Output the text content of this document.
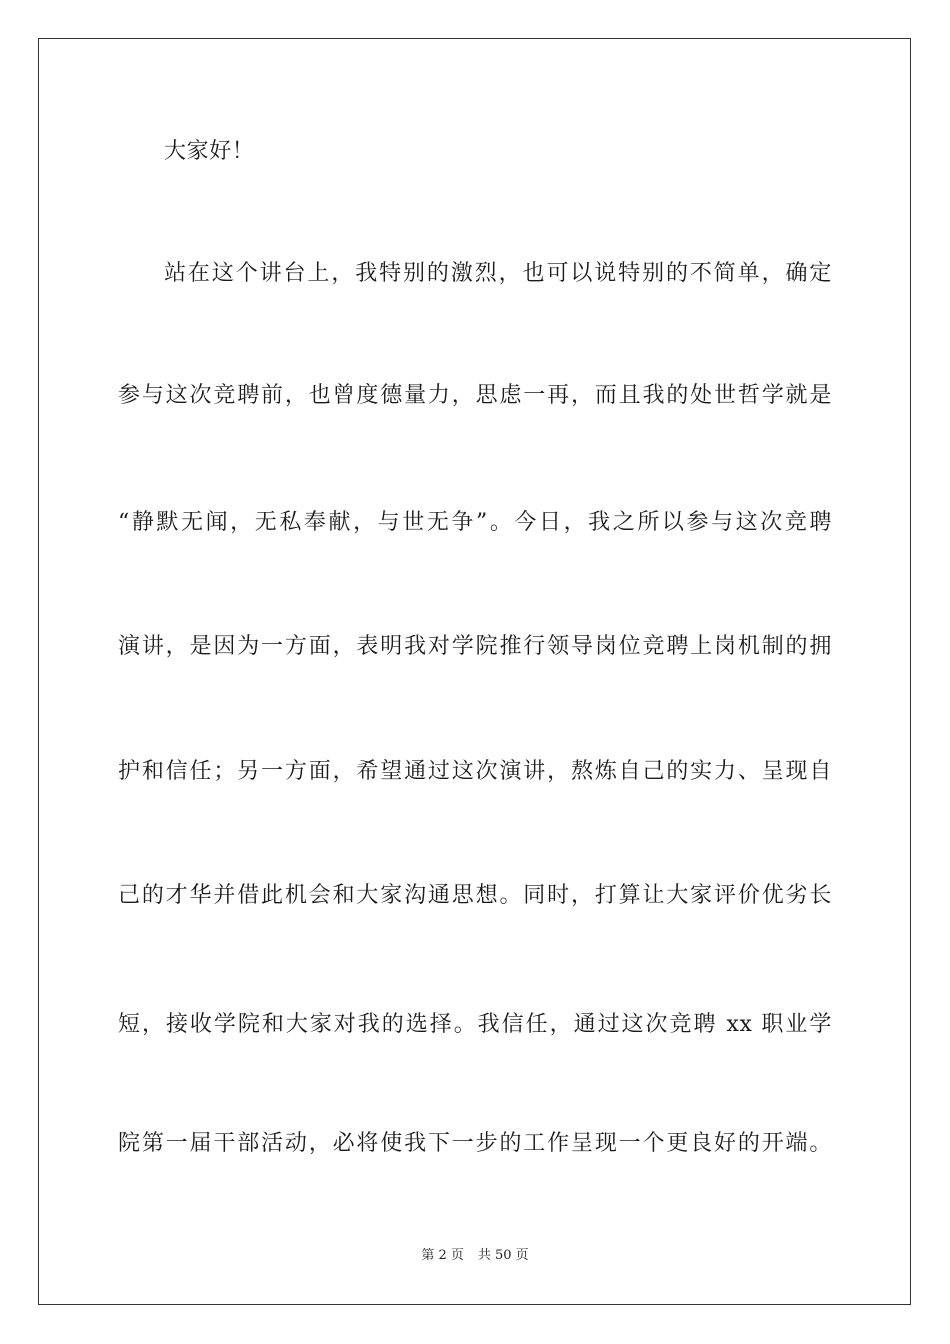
大家好！
站在这个讲台上，我特别的激烈，也可以说特别的不简单，确定
参与这次竞聘前，也曾度德量力，思虑一再，而且我的处世哲学就是
“静默无闻，无私奉献，与世无争”。今日，我之所以参与这次竞聘
演讲，是因为一方面，表明我对学院推行领导岗位竞聘上岗机制的拥
护和信任；另一方面，希望通过这次演讲，熬炼自己的实力、呈现自
己的才华并借此机会和大家沟通思想。同时，打算让大家评价优劣长
短，接收学院和大家对我的选择。我信任，通过这次竞聘 xx 职业学
院第一届干部活动，必将使我下一步的工作呈现一个更良好的开端。
第 2 页 共 50 页
